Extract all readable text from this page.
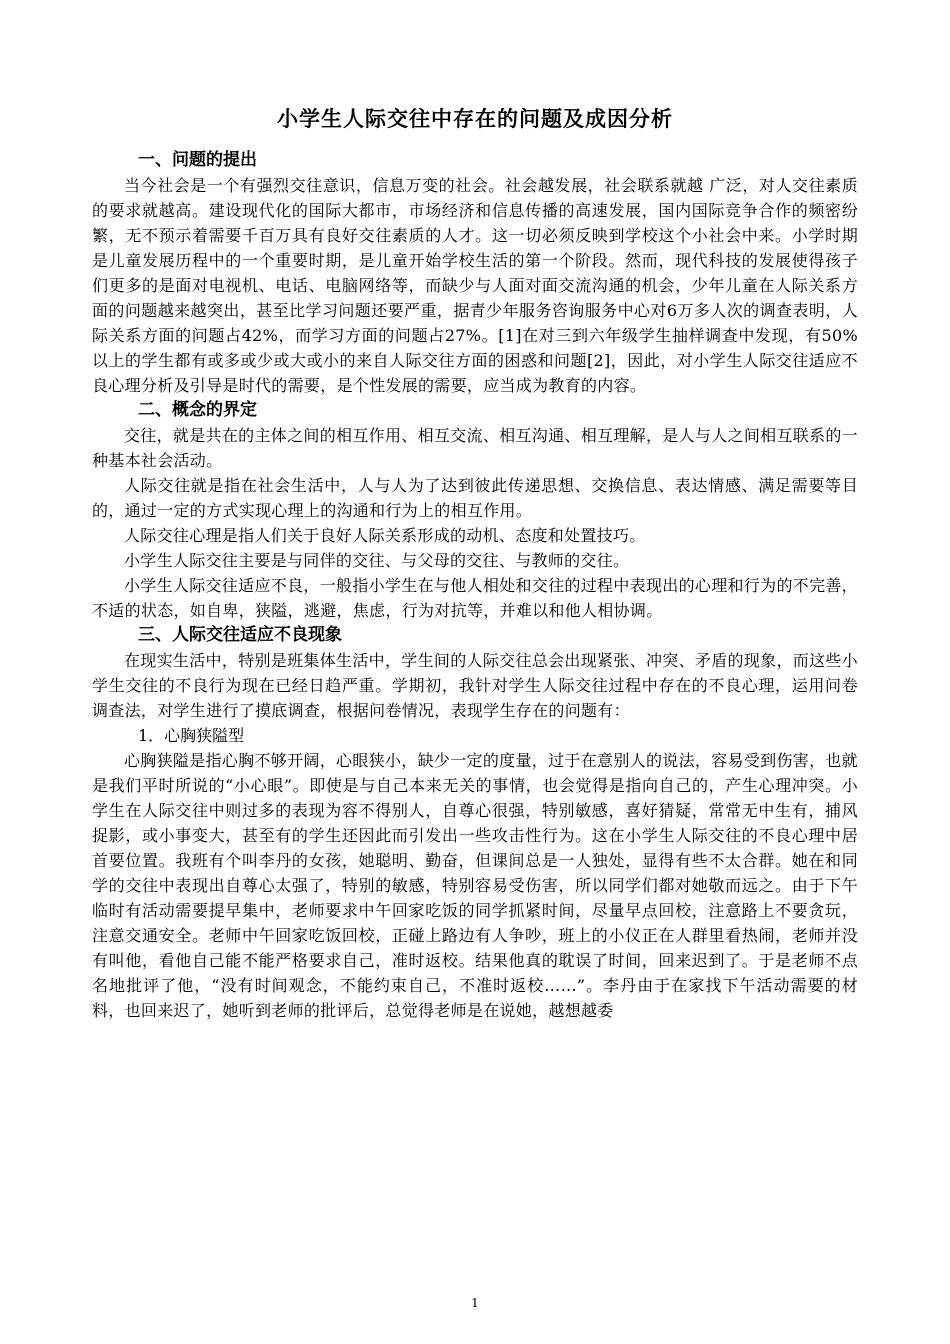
小学生人际交往中存在的问题及成因分析
一、问题的提出

当今社会是一个有强烈交往意识，信息万变的社会。社会越发展，社会联系就越 广泛，对人交往素质的要求就越高。建设现代化的国际大都市，市场经济和信息传播的高速发展，国内国际竞争合作的频密纷繁，无不预示着需要千百万具有良好交往素质的人才。这一切必须反映到学校这个小社会中来。小学时期是儿童发展历程中的一个重要时期，是儿童开始学校生活的第一个阶段。然而，现代科技的发展使得孩子们更多的是面对电视机、电话、电脑网络等，而缺少与人面对面交流沟通的机会，少年儿童在人际关系方面的问题越来越突出，甚至比学习问题还要严重，据青少年服务咨询服务中心对6万多人次的调查表明，人际关系方面的问题占42%，而学习方面的问题占27%。[1]在对三到六年级学生抽样调查中发现，有50%以上的学生都有或多或少或大或小的来自人际交往方面的困惑和问题[2]，因此，对小学生人际交往适应不良心理分析及引导是时代的需要，是个性发展的需要，应当成为教育的内容。

二、概念的界定

交往，就是共在的主体之间的相互作用、相互交流、相互沟通、相互理解，是人与人之间相互联系的一种基本社会活动。

人际交往就是指在社会生活中，人与人为了达到彼此传递思想、交换信息、表达情感、满足需要等目的，通过一定的方式实现心理上的沟通和行为上的相互作用。

人际交往心理是指人们关于良好人际关系形成的动机、态度和处置技巧。

小学生人际交往主要是与同伴的交往、与父母的交往、与教师的交往。

小学生人际交往适应不良，一般指小学生在与他人相处和交往的过程中表现出的心理和行为的不完善，不适的状态，如自卑，狭隘，逃避，焦虑，行为对抗等，并难以和他人相协调。

三、人际交往适应不良现象

在现实生活中，特别是班集体生活中，学生间的人际交往总会出现紧张、冲突、矛盾的现象，而这些小学生交往的不良行为现在已经日趋严重。学期初，我针对学生人际交往过程中存在的不良心理，运用问卷调查法，对学生进行了摸底调查，根据问卷情况，表现学生存在的问题有：

1．心胸狭隘型

心胸狭隘是指心胸不够开阔，心眼狭小，缺少一定的度量，过于在意别人的说法，容易受到伤害，也就是我们平时所说的“小心眼”。即使是与自己本来无关的事情，也会觉得是指向自己的，产生心理冲突。小学生在人际交往中则过多的表现为容不得别人，自尊心很强，特别敏感，喜好猜疑，常常无中生有，捕风捉影，或小事变大，甚至有的学生还因此而引发出一些攻击性行为。这在小学生人际交往的不良心理中居首要位置。我班有个叫李丹的女孩，她聪明、勤奋，但课间总是一人独处，显得有些不太合群。她在和同学的交往中表现出自尊心太强了，特别的敏感，特别容易受伤害，所以同学们都对她敬而远之。由于下午临时有活动需要提早集中，老师要求中午回家吃饭的同学抓紧时间，尽量早点回校，注意路上不要贪玩，注意交通安全。老师中午回家吃饭回校，正碰上路边有人争吵，班上的小仪正在人群里看热闹，老师并没有叫他，看他自己能不能严格要求自己，准时返校。结果他真的耽误了时间，回来迟到了。于是老师不点名地批评了他，“没有时间观念，不能约束自己，不准时返校……”。李丹由于在家找下午活动需要的材料，也回来迟了，她听到老师的批评后，总觉得老师是在说她，越想越委

1
